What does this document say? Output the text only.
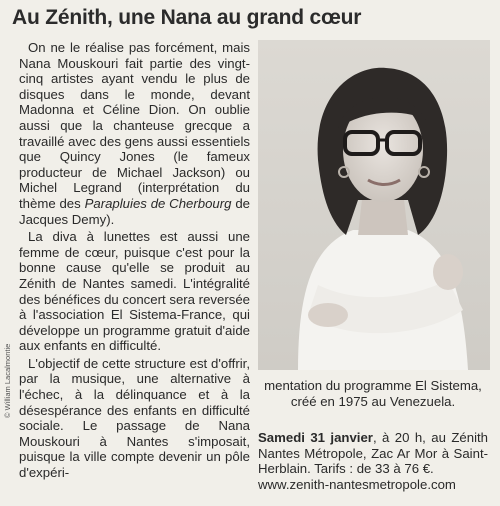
Au Zénith, une Nana au grand cœur
© William Lacalmontie

On ne le réalise pas forcément, mais Nana Mouskouri fait partie des vingt-cinq artistes ayant vendu le plus de disques dans le monde, devant Madonna et Céline Dion. On oublie aussi que la chanteuse grecque a travaillé avec des gens aussi essentiels que Quincy Jones (le fameux producteur de Michael Jackson) ou Michel Legrand (interprétation du thème des Parapluies de Cherbourg de Jacques Demy).

La diva à lunettes est aussi une femme de cœur, puisque c'est pour la bonne cause qu'elle se produit au Zénith de Nantes samedi. L'intégralité des bénéfices du concert sera reversée à l'association El Sistema-France, qui développe un programme gratuit d'aide aux enfants en difficulté.

L'objectif de cette structure est d'offrir, par la musique, une alternative à l'échec, à la délinquance et à la désespérance des enfants en difficulté sociale. Le passage de Nana Mouskouri à Nantes s'imposait, puisque la ville compte devenir un pôle d'expéri-

mentation du programme El Sistema, créé en 1975 au Venezuela.

Samedi 31 janvier, à 20 h, au Zénith Nantes Métropole, Zac Ar Mor à Saint-Herblain. Tarifs : de 33 à 76 €.

www.zenith-nantesmetropole.com
